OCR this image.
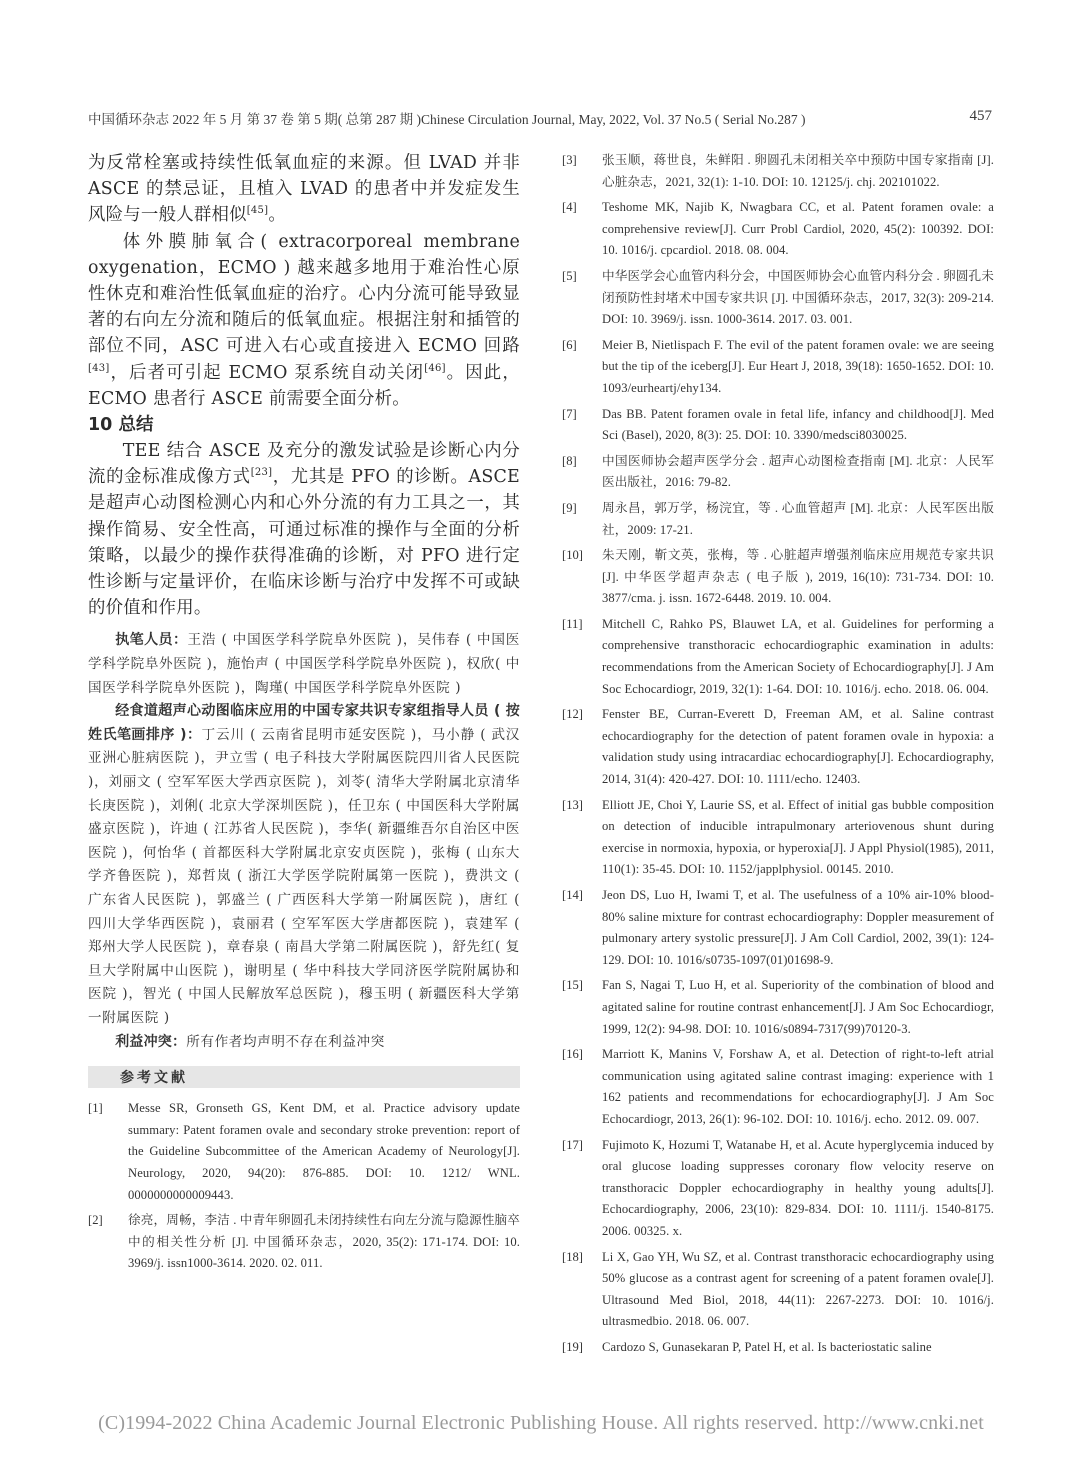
中国循环杂志 2022 年 5 月 第 37 卷 第 5 期( 总第 287 期 )Chinese Circulation Journal, May, 2022, Vol. 37 No.5 ( Serial No.287 )	457

为反常栓塞或持续性低氧血症的来源。但 LVAD 并非 ASCE 的禁忌证，且植入 LVAD 的患者中并发症发生风险与一般人群相似[45]。

体外膜肺氧合( extracorporeal membrane oxygenation，ECMO ) 越来越多地用于难治性心原性休克和难治性低氧血症的治疗。心内分流可能导致显著的右向左分流和随后的低氧血症。根据注射和插管的部位不同，ASC 可进入右心或直接进入 ECMO 回路[43]，后者可引起 ECMO 泵系统自动关闭[46]。因此，ECMO 患者行 ASCE 前需要全面分析。

10 总结

TEE 结合 ASCE 及充分的激发试验是诊断心内分流的金标准成像方式[23]，尤其是 PFO 的诊断。ASCE 是超声心动图检测心内和心外分流的有力工具之一，其操作简易、安全性高，可通过标准的操作与全面的分析策略，以最少的操作获得准确的诊断，对 PFO 进行定性诊断与定量评价，在临床诊断与治疗中发挥不可或缺的价值和作用。

执笔人员：王浩 ( 中国医学科学院阜外医院 )，吴伟春 ( 中国医学科学院阜外医院 )，施怡声 ( 中国医学科学院阜外医院 )，权欣( 中国医学科学院阜外医院 )，陶瑾( 中国医学科学院阜外医院 )

经食道超声心动图临床应用的中国专家共识专家组指导人员 ( 按姓氏笔画排序 )：丁云川 ( 云南省昆明市延安医院 )，马小静 ( 武汉亚洲心脏病医院 )，尹立雪 ( 电子科技大学附属医院四川省人民医院 )，刘丽文 ( 空军军医大学西京医院 )，刘苓( 清华大学附属北京清华长庚医院 )，刘俐( 北京大学深圳医院 )，任卫东 ( 中国医科大学附属盛京医院 )，许迪 ( 江苏省人民医院 )，李华( 新疆维吾尔自治区中医医院 )，何怡华 ( 首都医科大学附属北京安贞医院 )，张梅 ( 山东大学齐鲁医院 )，郑哲岚 ( 浙江大学医学院附属第一医院 )，费洪文 ( 广东省人民医院 )，郭盛兰 ( 广西医科大学第一附属医院 )，唐红 ( 四川大学华西医院 )，袁丽君 ( 空军军医大学唐都医院 )，袁建军 ( 郑州大学人民医院 )，章春泉 ( 南昌大学第二附属医院 )，舒先红( 复旦大学附属中山医院 )，谢明星 ( 华中科技大学同济医学院附属协和医院 )，智光 ( 中国人民解放军总医院 )，穆玉明 ( 新疆医科大学第一附属医院 )

利益冲突：所有作者均声明不存在利益冲突

参考文献
[1]	Messe SR, Gronseth GS, Kent DM, et al. Practice advisory update summary: Patent foramen ovale and secondary stroke prevention: report of the Guideline Subcommittee of the American Academy of Neurology[J]. Neurology, 2020, 94(20): 876-885. DOI: 10. 1212/ WNL. 0000000000009443.
[2]	徐亮，周畅，李洁 . 中青年卵圆孔未闭持续性右向左分流与隐源性脑卒中的相关性分析 [J]. 中国循环杂志，2020, 35(2): 171-174. DOI: 10. 3969/j. issn1000-3614. 2020. 02. 011.
[3]	张玉顺，蒋世良，朱鲜阳 . 卵圆孔未闭相关卒中预防中国专家指南 [J]. 心脏杂志，2021, 32(1): 1-10. DOI: 10. 12125/j. chj. 202101022.
[4]	Teshome MK, Najib K, Nwagbara CC, et al. Patent foramen ovale: a comprehensive review[J]. Curr Probl Cardiol, 2020, 45(2): 100392. DOI: 10. 1016/j. cpcardiol. 2018. 08. 004.
[5]	中华医学会心血管内科分会，中国医师协会心血管内科分会 . 卵圆孔未闭预防性封堵术中国专家共识 [J]. 中国循环杂志，2017, 32(3): 209-214. DOI: 10. 3969/j. issn. 1000-3614. 2017. 03. 001.
[6]	Meier B, Nietlispach F. The evil of the patent foramen ovale: we are seeing but the tip of the iceberg[J]. Eur Heart J, 2018, 39(18): 1650-1652. DOI: 10. 1093/eurheartj/ehy134.
[7]	Das BB. Patent foramen ovale in fetal life, infancy and childhood[J]. Med Sci (Basel), 2020, 8(3): 25. DOI: 10. 3390/medsci8030025.
[8]	中国医师协会超声医学分会 . 超声心动图检查指南 [M]. 北京：人民军医出版社，2016: 79-82.
[9]	周永昌，郭万学，杨浣宜，等 . 心血管超声 [M]. 北京：人民军医出版社，2009: 17-21.
[10]	朱天刚，靳文英，张梅，等 . 心脏超声增强剂临床应用规范专家共识 [J]. 中华医学超声杂志 ( 电子版 ), 2019, 16(10): 731-734. DOI: 10. 3877/cma. j. issn. 1672-6448. 2019. 10. 004.
[11]	Mitchell C, Rahko PS, Blauwet LA, et al. Guidelines for performing a comprehensive transthoracic echocardiographic examination in adults: recommendations from the American Society of Echocardiography[J]. J Am Soc Echocardiogr, 2019, 32(1): 1-64. DOI: 10. 1016/j. echo. 2018. 06. 004.
[12]	Fenster BE, Curran-Everett D, Freeman AM, et al. Saline contrast echocardiography for the detection of patent foramen ovale in hypoxia: a validation study using intracardiac echocardiography[J]. Echocardiography, 2014, 31(4): 420-427. DOI: 10. 1111/echo. 12403.
[13]	Elliott JE, Choi Y, Laurie SS, et al. Effect of initial gas bubble composition on detection of inducible intrapulmonary arteriovenous shunt during exercise in normoxia, hypoxia, or hyperoxia[J]. J Appl Physiol(1985), 2011, 110(1): 35-45. DOI: 10. 1152/japplphysiol. 00145. 2010.
[14]	Jeon DS, Luo H, Iwami T, et al. The usefulness of a 10% air-10% blood-80% saline mixture for contrast echocardiography: Doppler measurement of pulmonary artery systolic pressure[J]. J Am Coll Cardiol, 2002, 39(1): 124-129. DOI: 10. 1016/s0735-1097(01)01698-9.
[15]	Fan S, Nagai T, Luo H, et al. Superiority of the combination of blood and agitated saline for routine contrast enhancement[J]. J Am Soc Echocardiogr, 1999, 12(2): 94-98. DOI: 10. 1016/s0894-7317(99)70120-3.
[16]	Marriott K, Manins V, Forshaw A, et al. Detection of right-to-left atrial communication using agitated saline contrast imaging: experience with 1 162 patients and recommendations for echocardiography[J]. J Am Soc Echocardiogr, 2013, 26(1): 96-102. DOI: 10. 1016/j. echo. 2012. 09. 007.
[17]	Fujimoto K, Hozumi T, Watanabe H, et al. Acute hyperglycemia induced by oral glucose loading suppresses coronary flow velocity reserve on transthoracic Doppler echocardiography in healthy young adults[J]. Echocardiography, 2006, 23(10): 829-834. DOI: 10. 1111/j. 1540-8175. 2006. 00325. x.
[18]	Li X, Gao YH, Wu SZ, et al. Contrast transthoracic echocardiography using 50% glucose as a contrast agent for screening of a patent foramen ovale[J]. Ultrasound Med Biol, 2018, 44(11): 2267-2273. DOI: 10. 1016/j. ultrasmedbio. 2018. 06. 007.
[19]	Cardozo S, Gunasekaran P, Patel H, et al. Is bacteriostatic saline
(C)1994-2022 China Academic Journal Electronic Publishing House. All rights reserved. http://www.cnki.net
